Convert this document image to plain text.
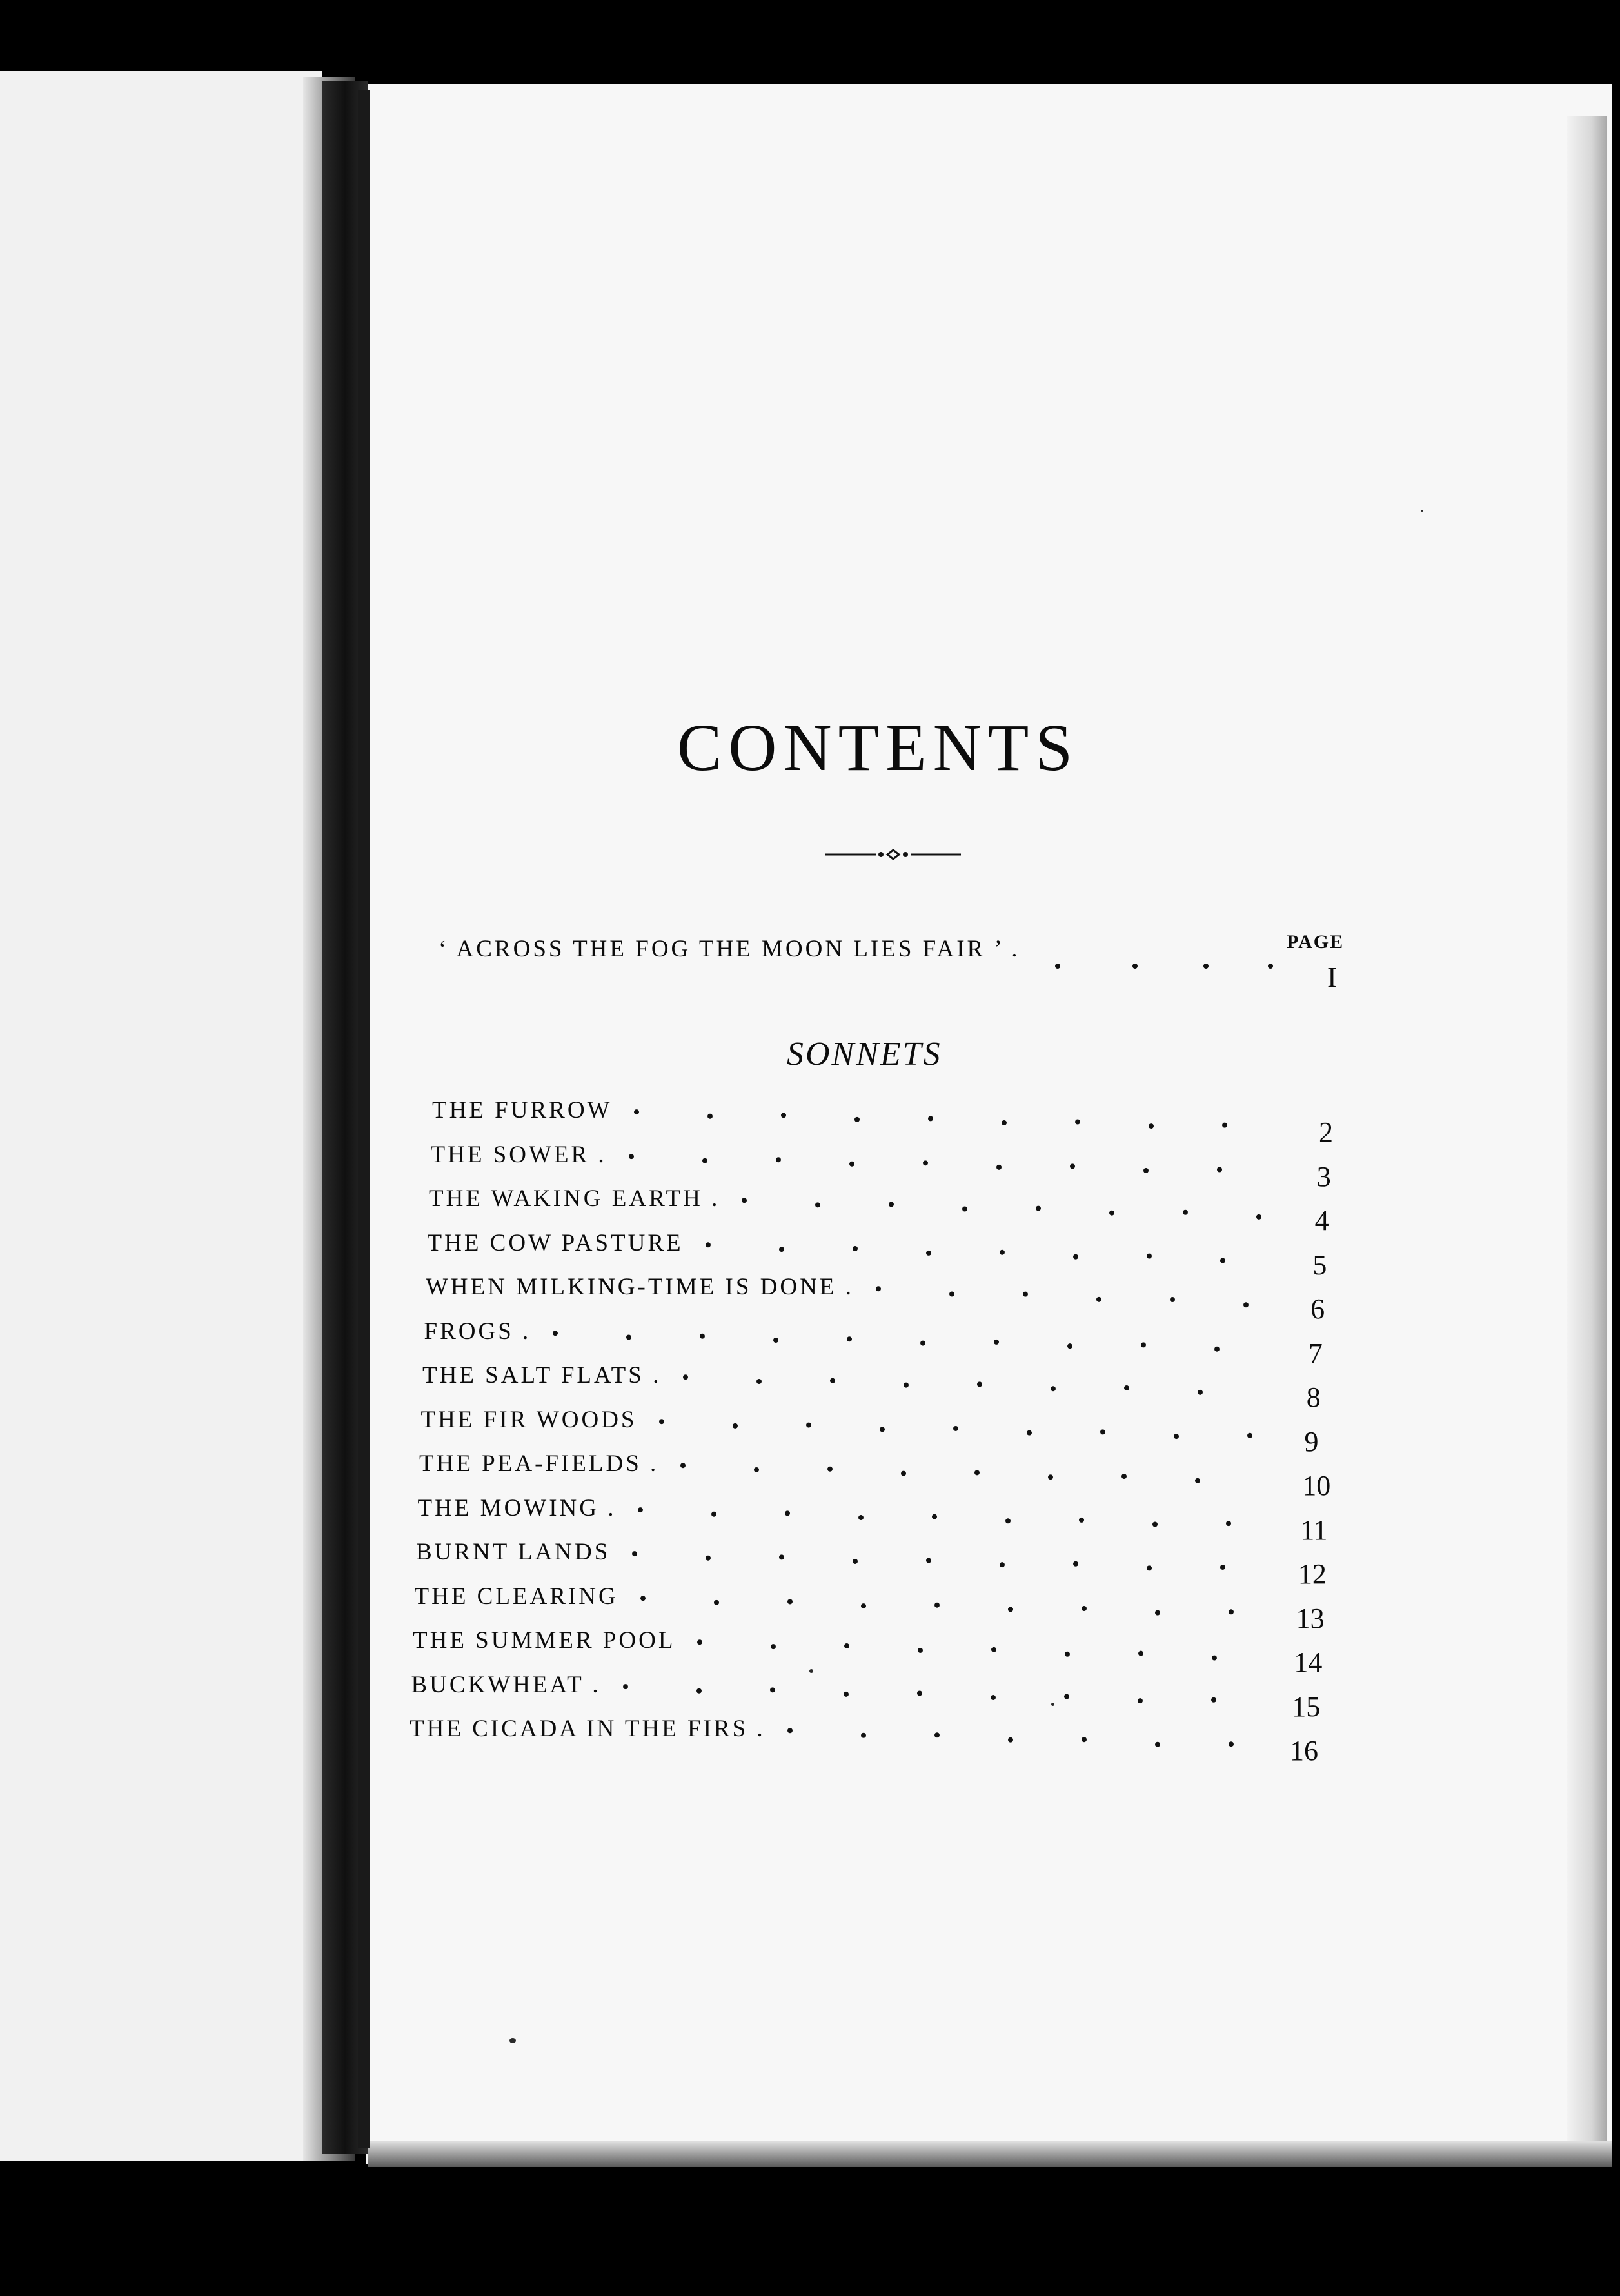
CONTENTS
PAGE
‘ ACROSS THE FOG THE MOON LIES FAIR ’ .
I
SONNETS
THE FURROW
2
THE SOWER .
3
THE WAKING EARTH .
4
THE COW PASTURE
5
WHEN MILKING-TIME IS DONE .
6
FROGS .
7
THE SALT FLATS .
8
THE FIR WOODS
9
THE PEA-FIELDS .
10
THE MOWING .
11
BURNT LANDS
12
THE CLEARING
13
THE SUMMER POOL
14
BUCKWHEAT .
15
THE CICADA IN THE FIRS .
16
